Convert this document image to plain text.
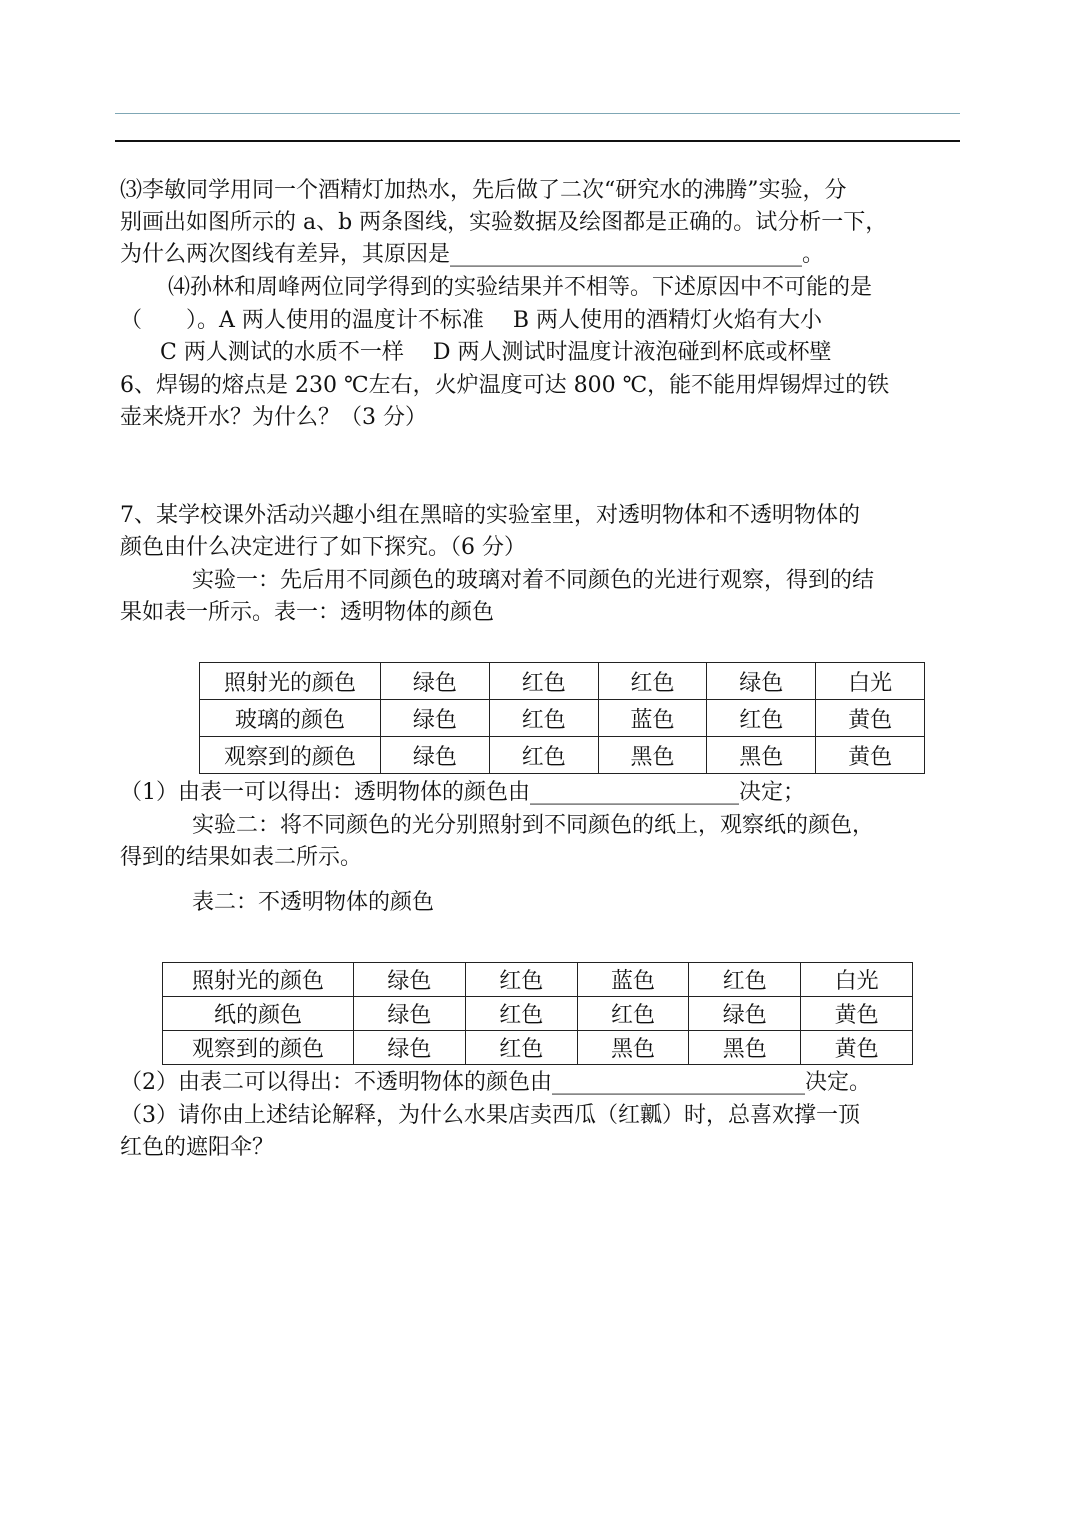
⑶李敏同学用同一个酒精灯加热水，先后做了二次“研究水的沸腾”实验，分

别画出如图所示的 a、b 两条图线，实验数据及绘图都是正确的。试分析一下，

为什么两次图线有差异，其原因是________________________________。

⑷孙林和周峰两位同学得到的实验结果并不相等。下述原因中不可能的是

（　　）。A 两人使用的温度计不标准　 B 两人使用的酒精灯火焰有大小

C 两人测试的水质不一样　 D 两人测试时温度计液泡碰到杯底或杯壁

6、焊锡的熔点是 230 ℃左右，火炉温度可达 800 ℃，能不能用焊锡焊过的铁

壶来烧开水？为什么？（3 分）

7、某学校课外活动兴趣小组在黑暗的实验室里，对透明物体和不透明物体的

颜色由什么决定进行了如下探究。（6 分）

实验一：先后用不同颜色的玻璃对着不同颜色的光进行观察，得到的结

果如表一所示。表一：透明物体的颜色

照射光的颜色	绿色	红色	红色	绿色	白光
玻璃的颜色	绿色	红色	蓝色	红色	黄色
观察到的颜色	绿色	红色	黑色	黑色	黄色

（1）由表一可以得出：透明物体的颜色由___________________决定；

实验二：将不同颜色的光分别照射到不同颜色的纸上，观察纸的颜色，

得到的结果如表二所示。

表二：不透明物体的颜色

照射光的颜色	绿色	红色	蓝色	红色	白光
纸的颜色	绿色	红色	红色	绿色	黄色
观察到的颜色	绿色	红色	黑色	黑色	黄色

（2）由表二可以得出：不透明物体的颜色由_______________________决定。

（3）请你由上述结论解释，为什么水果店卖西瓜（红瓤）时，总喜欢撑一顶

红色的遮阳伞？
